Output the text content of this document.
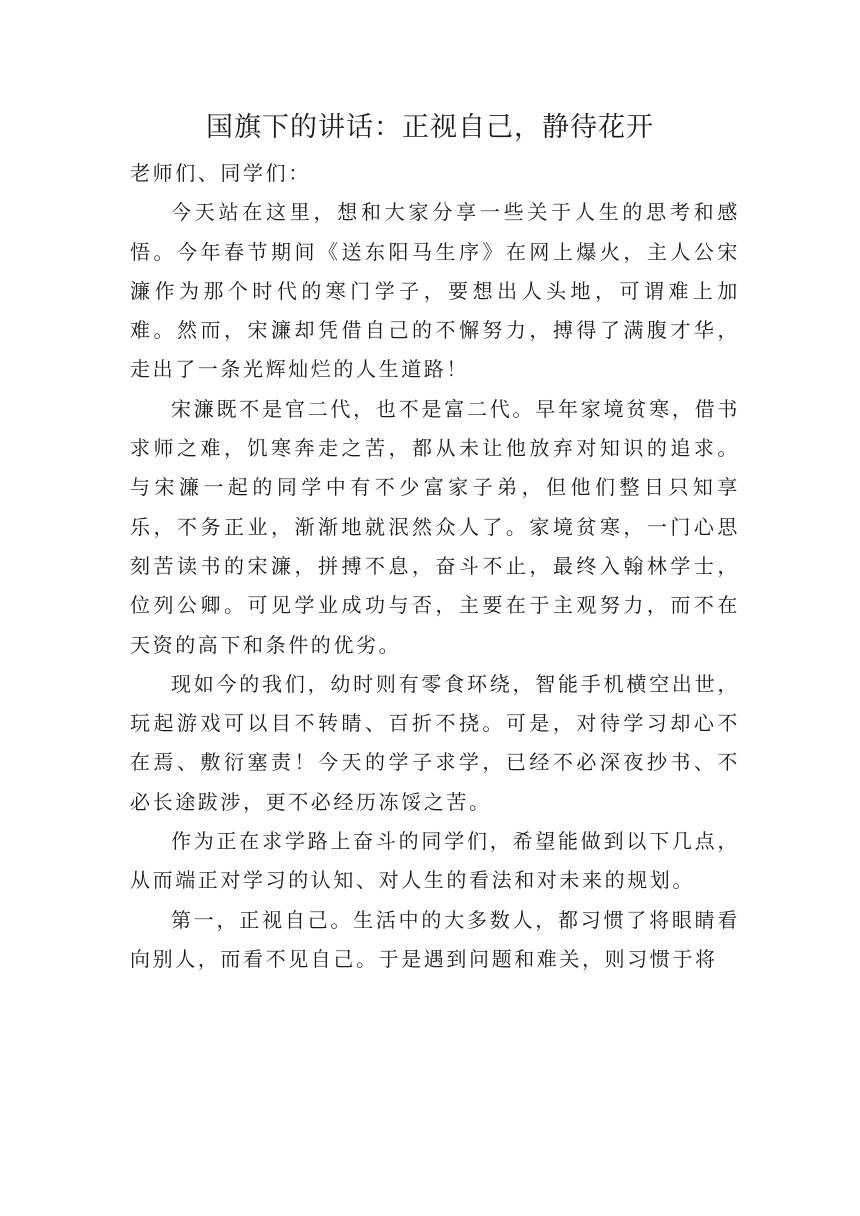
国旗下的讲话：正视自己，静待花开

老师们、同学们：

今天站在这里，想和大家分享一些关于人生的思考和感悟。今年春节期间《送东阳马生序》在网上爆火，主人公宋濂作为那个时代的寒门学子，要想出人头地，可谓难上加难。然而，宋濂却凭借自己的不懈努力，搏得了满腹才华，走出了一条光辉灿烂的人生道路！

宋濂既不是官二代，也不是富二代。早年家境贫寒，借书求师之难，饥寒奔走之苦，都从未让他放弃对知识的追求。与宋濂一起的同学中有不少富家子弟，但他们整日只知享乐，不务正业，渐渐地就泯然众人了。家境贫寒，一门心思刻苦读书的宋濂，拼搏不息，奋斗不止，最终入翰林学士，位列公卿。可见学业成功与否，主要在于主观努力，而不在天资的高下和条件的优劣。

现如今的我们，幼时则有零食环绕，智能手机横空出世，玩起游戏可以目不转睛、百折不挠。可是，对待学习却心不在焉、敷衍塞责！今天的学子求学，已经不必深夜抄书、不必长途跋涉，更不必经历冻馁之苦。

作为正在求学路上奋斗的同学们，希望能做到以下几点，从而端正对学习的认知、对人生的看法和对未来的规划。

第一，正视自己。生活中的大多数人，都习惯了将眼睛看向别人，而看不见自己。于是遇到问题和难关，则习惯于将
